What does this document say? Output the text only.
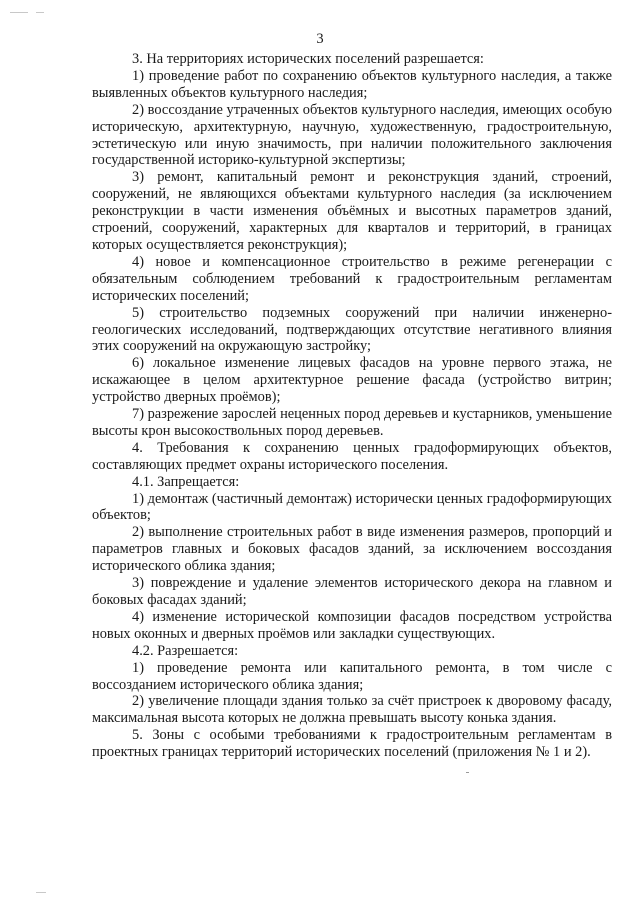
3

3. На территориях исторических поселений разрешается:

1) проведение работ по сохранению объектов культурного наследия, а также выявленных объектов культурного наследия;

2) воссоздание утраченных объектов культурного наследия, имеющих особую историческую, архитектурную, научную, художественную, градостроительную, эстетическую или иную значимость, при наличии положительного заключения государственной историко-культурной экспертизы;

3) ремонт, капитальный ремонт и реконструкция зданий, строений, сооружений, не являющихся объектами культурного наследия (за исключением реконструкции в части изменения объёмных и высотных параметров зданий, строений, сооружений, характерных для кварталов и территорий, в границах которых осуществляется реконструкция);

4) новое и компенсационное строительство в режиме регенерации с обязательным соблюдением требований к градостроительным регламентам исторических поселений;

5) строительство подземных сооружений при наличии инженерно-геологических исследований, подтверждающих отсутствие негативного влияния этих сооружений на окружающую застройку;

6) локальное изменение лицевых фасадов на уровне первого этажа, не искажающее в целом архитектурное решение фасада (устройство витрин; устройство дверных проёмов);

7) разрежение зарослей неценных пород деревьев и кустарников, уменьшение высоты крон высокоствольных пород деревьев.

4. Требования к сохранению ценных градоформирующих объектов, составляющих предмет охраны исторического поселения.

4.1. Запрещается:

1) демонтаж (частичный демонтаж) исторически ценных градоформирующих объектов;

2) выполнение строительных работ в виде изменения размеров, пропорций и параметров главных и боковых фасадов зданий, за исключением воссоздания исторического облика здания;

3) повреждение и удаление элементов исторического декора на главном и боковых фасадах зданий;

4) изменение исторической композиции фасадов посредством устройства новых оконных и дверных проёмов или закладки существующих.

4.2. Разрешается:

1) проведение ремонта или капитального ремонта, в том числе с воссозданием исторического облика здания;

2) увеличение площади здания только за счёт пристроек к дворовому фасаду, максимальная высота которых не должна превышать высоту конька здания.

5. Зоны с особыми требованиями к градостроительным регламентам в проектных границах территорий исторических поселений (приложения № 1 и 2).
